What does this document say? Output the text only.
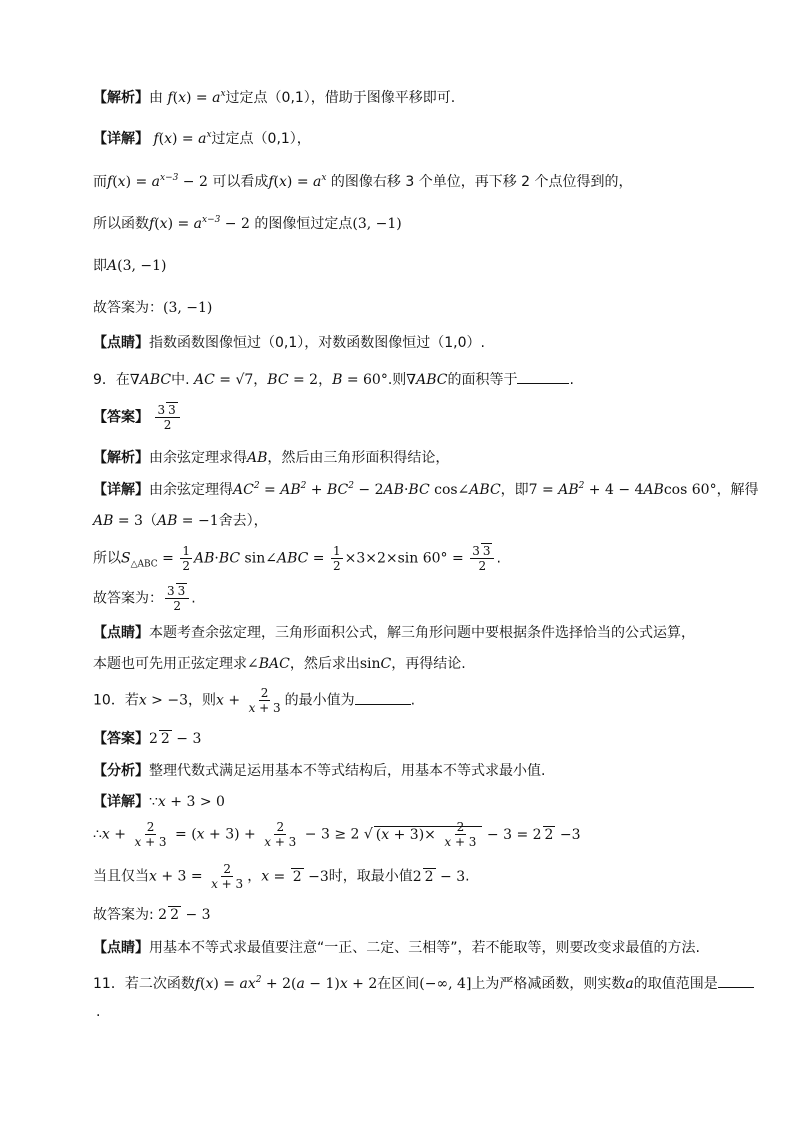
【解析】由 $f(x) = a^x$过定点（0,1），借助于图像平移即可.
【详解】 $f(x) = a^x$过定点（0,1），
而$f(x) = a^{x-3} - 2$ 可以看成$f(x) = a^x$ 的图像右移 3 个单位，再下移 2 个点位得到的，
所以函数$f(x) = a^{x-3} - 2$ 的图像恒过定点(3, −1)
即A(3, −1)
故答案为：(3, −1)
【点睛】指数函数图像恒过（0,1），对数函数图像恒过（1,0）.
9．在∇ABC中. AC = √7，BC = 2，B = 60°.则∇ABC的面积等于	.
【答案】 $\frac{3 3}{2}$
【解析】由余弦定理求得AB，然后由三角形面积得结论，
【详解】由余弦定理得$AC^2 = AB^2 + BC^2 - 2AB\cdot BC$ cos∠ABC，即$7 = AB^2 + 4 - 4ABcos$ 60°，解得
AB = 3（AB = −1舍去），
所以$S_{\triangle ABC} = \frac{1}{2} AB\cdot BC$ sin∠ABC = $\frac{1}{2} \times 3\times 2\times\sin$ $60^\circ = \frac{3 3}{2}$ .
故答案为： $\frac{3 3}{2}$ .
【点睛】本题考查余弦定理，三角形面积公式，解三角形问题中要根据条件选择恰当的公式运算，
本题也可先用正弦定理求∠BAC，然后求出sinC，再得结论.
10．若x > −3，则$x + \frac{2}{x + 3}$ 的最小值为	.
【答案】2 2 − 3
【分析】整理代数式满足运用基本不等式结构后，用基本不等式求最小值.
【详解】∵x + 3 > 0
∴x + $\frac{2}{x + 3} = (x + 3) + \frac{2}{x + 3} - 3 \ge 2$ √ $(x + 3)\times \frac{2}{x + 3} - 3 = 2$ 2 −3
当且仅当$x + 3 = \frac{2}{x + 3}$ ，x = 2 −3时，取最小值2 2 − 3.
故答案为: 2 2 − 3
【点睛】用基本不等式求最值要注意“一正、二定、三相等”，若不能取等，则要改变求最值的方法.
11．若二次函数$f(x) = ax^2 + 2(a - 1)x + 2$在区间(−∞, 4]上为严格减函数，则实数a的取值范围是
.
